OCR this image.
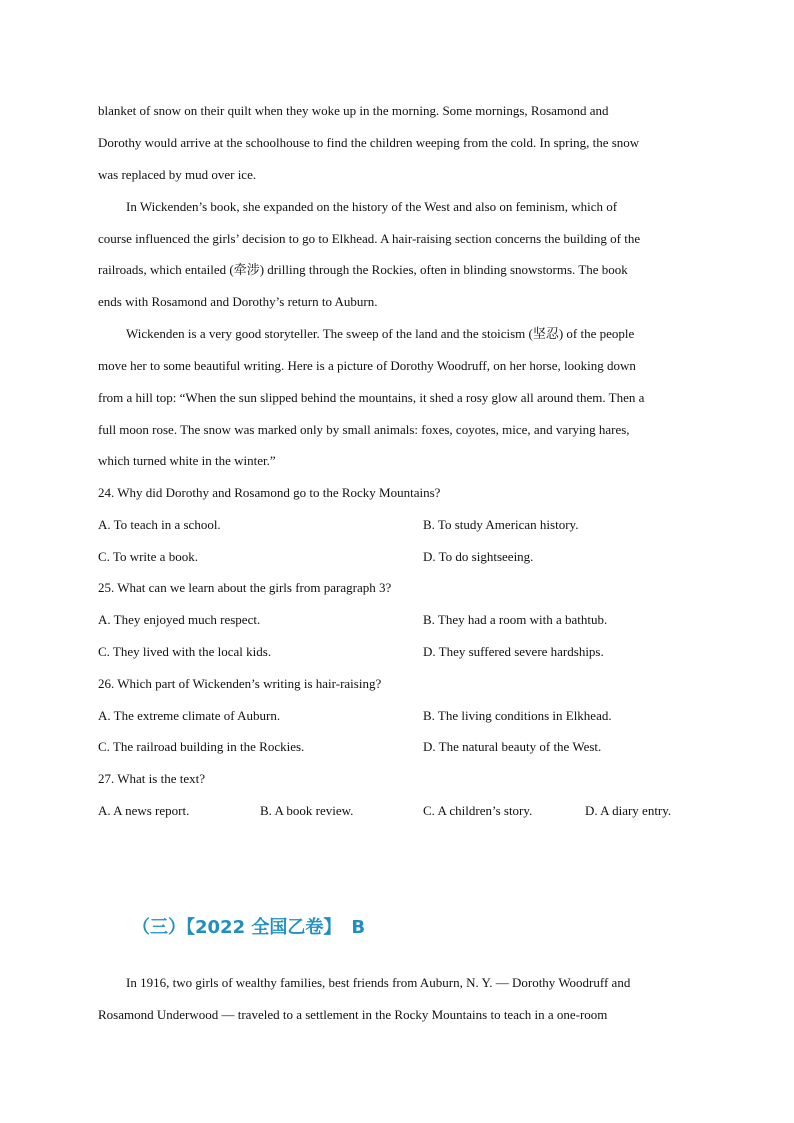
blanket of snow on their quilt when they woke up in the morning. Some mornings, Rosamond and
Dorothy would arrive at the schoolhouse to find the children weeping from the cold. In spring, the snow
was replaced by mud over ice.
In Wickenden’s book, she expanded on the history of the West and also on feminism, which of
course influenced the girls’ decision to go to Elkhead. A hair-raising section concerns the building of the
railroads, which entailed (牵涉) drilling through the Rockies, often in blinding snowstorms. The book
ends with Rosamond and Dorothy’s return to Auburn.
Wickenden is a very good storyteller. The sweep of the land and the stoicism (坚忍) of the people
move her to some beautiful writing. Here is a picture of Dorothy Woodruff, on her horse, looking down
from a hill top: “When the sun slipped behind the mountains, it shed a rosy glow all around them. Then a
full moon rose. The snow was marked only by small animals: foxes, coyotes, mice, and varying hares,
which turned white in the winter.”
24. Why did Dorothy and Rosamond go to the Rocky Mountains?
A. To teach in a school.	B. To study American history.
C. To write a book.	D. To do sightseeing.
25. What can we learn about the girls from paragraph 3?
A. They enjoyed much respect.	B. They had a room with a bathtub.
C. They lived with the local kids.	D. They suffered severe hardships.
26. Which part of Wickenden’s writing is hair-raising?
A. The extreme climate of Auburn.	B. The living conditions in Elkhead.
C. The railroad building in the Rockies.	D. The natural beauty of the West.
27. What is the text?
A. A news report.	B. A book review.	C. A children’s story.	D. A diary entry.
（三）【2022 全国乙卷】 B
In 1916, two girls of wealthy families, best friends from Auburn, N. Y. — Dorothy Woodruff and
Rosamond Underwood — traveled to a settlement in the Rocky Mountains to teach in a one-room
